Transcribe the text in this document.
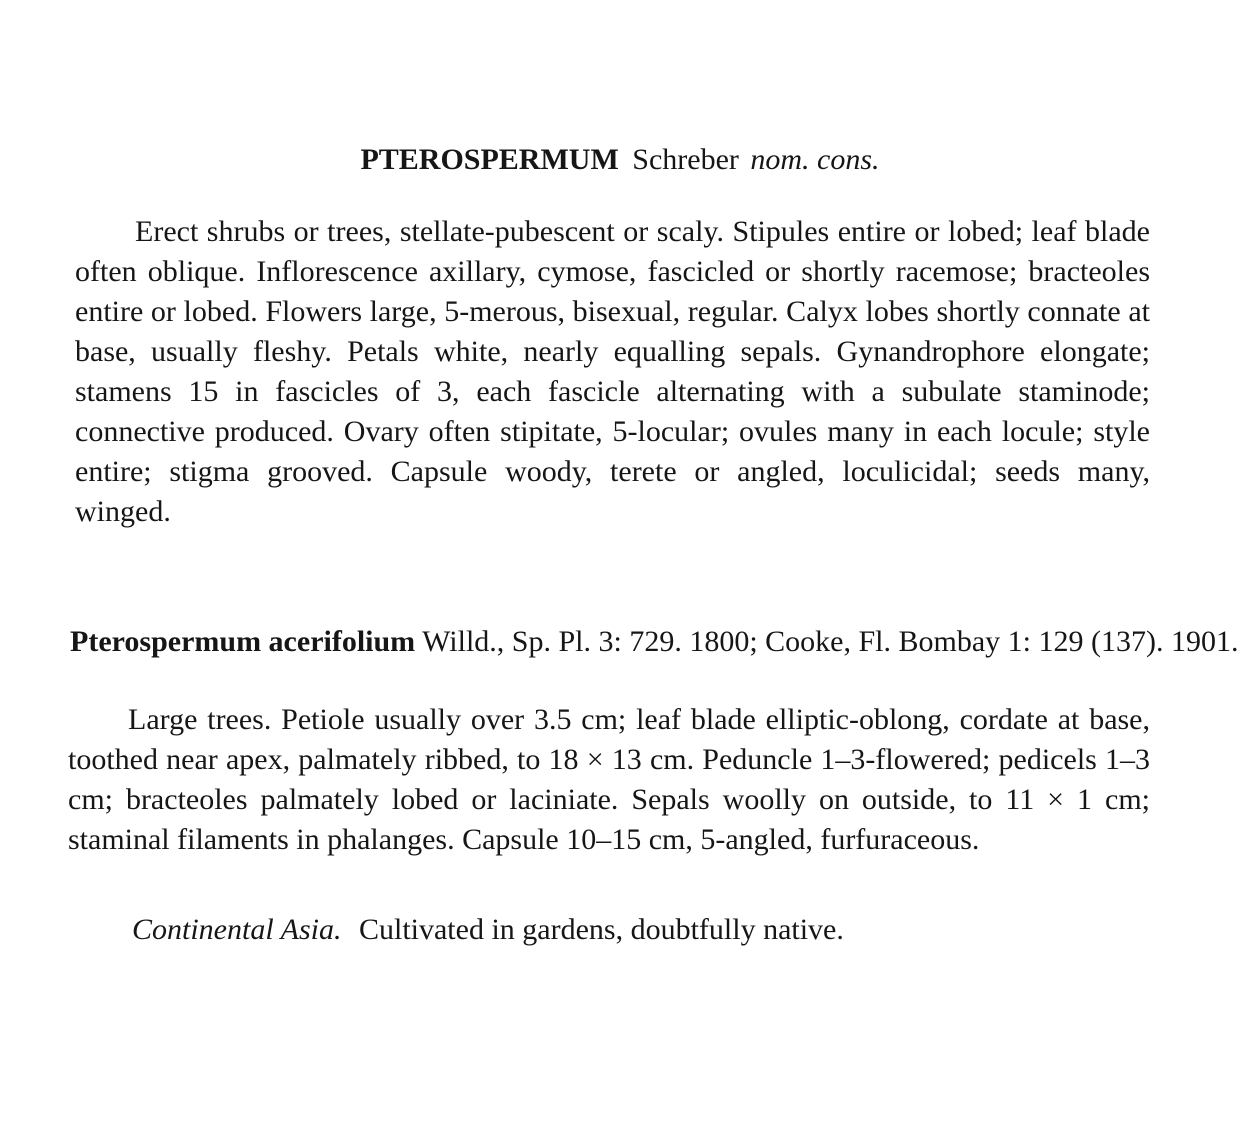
PTEROSPERMUM Schreber nom. cons.

Erect shrubs or trees, stellate-pubescent or scaly. Stipules entire or lobed; leaf blade often oblique. Inflorescence axillary, cymose, fascicled or shortly racemose; bracteoles entire or lobed. Flowers large, 5-merous, bisexual, regular. Calyx lobes shortly connate at base, usually fleshy. Petals white, nearly equalling sepals. Gynandrophore elongate; stamens 15 in fascicles of 3, each fascicle alternating with a subulate staminode; connective produced. Ovary often stipitate, 5-locular; ovules many in each locule; style entire; stigma grooved. Capsule woody, terete or angled, loculicidal; seeds many, winged.

Pterospermum acerifolium Willd., Sp. Pl. 3: 729. 1800; Cooke, Fl. Bombay 1: 129 (137). 1901.

Large trees. Petiole usually over 3.5 cm; leaf blade elliptic-oblong, cordate at base, toothed near apex, palmately ribbed, to 18 × 13 cm. Peduncle 1–3-flowered; pedicels 1–3 cm; bracteoles palmately lobed or laciniate. Sepals woolly on outside, to 11 × 1 cm; staminal filaments in phalanges. Capsule 10–15 cm, 5-angled, furfuraceous.

Continental Asia. Cultivated in gardens, doubtfully native.
